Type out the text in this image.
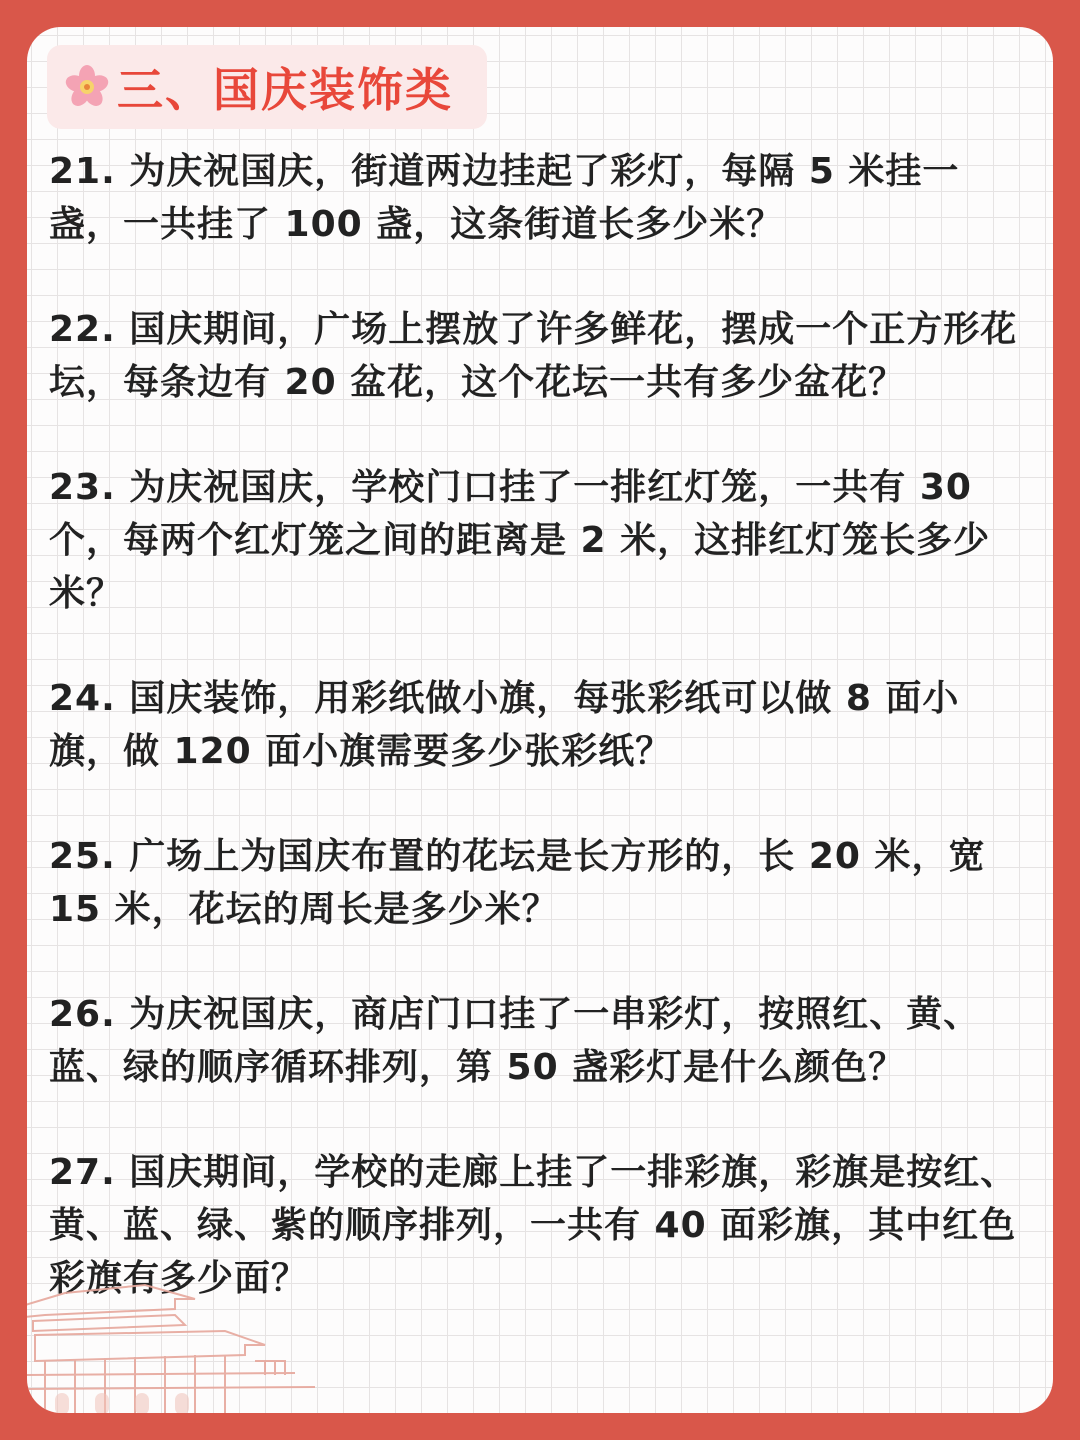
三、国庆装饰类
21. 为庆祝国庆，街道两边挂起了彩灯，每隔 5 米挂一盏，一共挂了 100 盏，这条街道长多少米？
22. 国庆期间，广场上摆放了许多鲜花，摆成一个正方形花坛，每条边有 20 盆花，这个花坛一共有多少盆花？
23. 为庆祝国庆，学校门口挂了一排红灯笼，一共有 30 个，每两个红灯笼之间的距离是 2 米，这排红灯笼长多少米？
24. 国庆装饰，用彩纸做小旗，每张彩纸可以做 8 面小旗，做 120 面小旗需要多少张彩纸？
25. 广场上为国庆布置的花坛是长方形的，长 20 米，宽 15 米，花坛的周长是多少米？
26. 为庆祝国庆，商店门口挂了一串彩灯，按照红、黄、蓝、绿的顺序循环排列，第 50 盏彩灯是什么颜色？
27. 国庆期间，学校的走廊上挂了一排彩旗，彩旗是按红、黄、蓝、绿、紫的顺序排列，一共有 40 面彩旗，其中红色彩旗有多少面？
